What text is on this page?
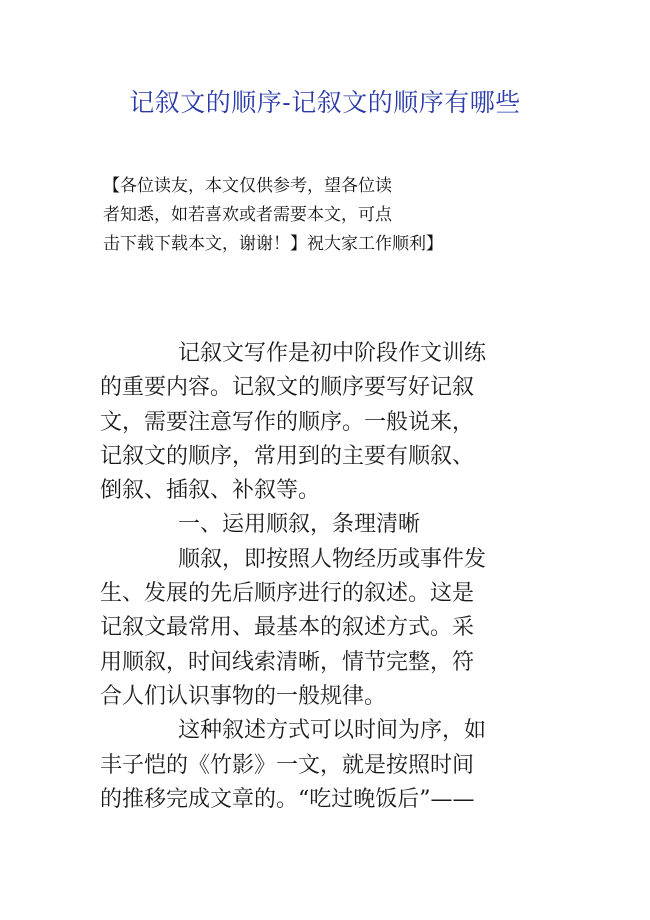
记叙文的顺序-记叙文的顺序有哪些
【各位读友，本文仅供参考，望各位读
者知悉，如若喜欢或者需要本文，可点
击下载下载本文，谢谢！】祝大家工作顺利】
记叙文写作是初中阶段作文训练
的重要内容。记叙文的顺序要写好记叙
文，需要注意写作的顺序。一般说来，
记叙文的顺序，常用到的主要有顺叙、
倒叙、插叙、补叙等。
一、运用顺叙，条理清晰
顺叙，即按照人物经历或事件发
生、发展的先后顺序进行的叙述。这是
记叙文最常用、最基本的叙述方式。采
用顺叙，时间线索清晰，情节完整，符
合人们认识事物的一般规律。
这种叙述方式可以时间为序，如
丰子恺的《竹影》一文，就是按照时间
的推移完成文章的。“吃过晚饭后”——
